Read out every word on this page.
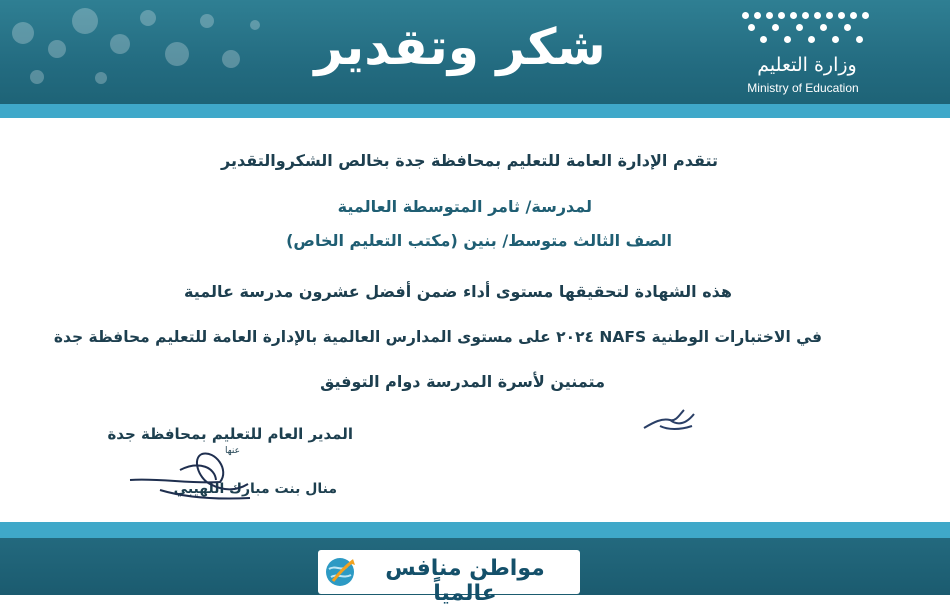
شكر وتقدير	وزارة التعليم
Ministry of Education
تتقدم الإدارة العامة للتعليم بمحافظة جدة بخالص الشكروالتقدير
لمدرسة/ ثامر المتوسطة العالمية
الصف الثالث متوسط/ بنين (مكتب التعليم الخاص)
هذه الشهادة لتحقيقها مستوى أداء ضمن أفضل عشرون مدرسة عالمية
في الاختبارات الوطنية NAFS ٢٠٢٤ على مستوى المدارس العالمية بالإدارة العامة للتعليم محافظة جدة
متمنين لأسرة المدرسة دوام التوفيق
المدير العام للتعليم بمحافظة جدة
منال بنت مبارك اللهيبي
عنها
مواطن منافس عالمياً
